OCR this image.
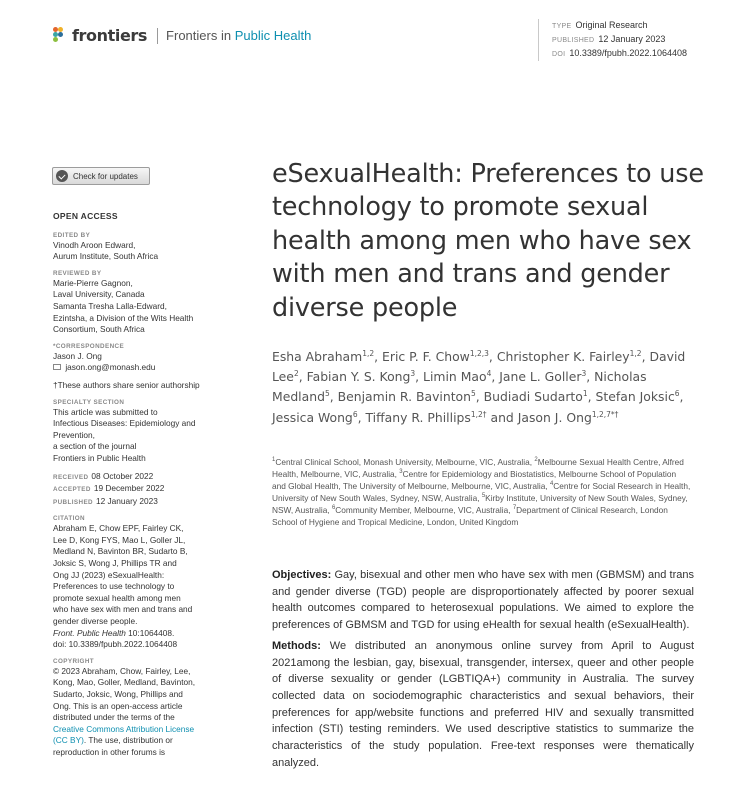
frontiers Frontiers in Public Health
TYPE Original Research
PUBLISHED 12 January 2023
DOI 10.3389/fpubh.2022.1064408
Check for updates
OPEN ACCESS
EDITED BY

Vinodh Aroon Edward,

Aurum Institute, South Africa

REVIEWED BY

Marie-Pierre Gagnon,

Laval University, Canada

Samanta Tresha Lalla-Edward,

Ezintsha, a Division of the Wits Health

Consortium, South Africa

*CORRESPONDENCE

Jason J. Ong

jason.ong@monash.edu

†These authors share senior authorship

SPECIALTY SECTION

This article was submitted to

Infectious Diseases: Epidemiology and

Prevention,

a section of the journal

Frontiers in Public Health

RECEIVED 08 October 2022

ACCEPTED 19 December 2022

PUBLISHED 12 January 2023

CITATION

Abraham E, Chow EPF, Fairley CK,

Lee D, Kong FYS, Mao L, Goller JL,

Medland N, Bavinton BR, Sudarto B,

Joksic S, Wong J, Phillips TR and

Ong JJ (2023) eSexualHealth:

Preferences to use technology to

promote sexual health among men

who have sex with men and trans and

gender diverse people.

Front. Public Health 10:1064408.

doi: 10.3389/fpubh.2022.1064408

COPYRIGHT

© 2023 Abraham, Chow, Fairley, Lee,

Kong, Mao, Goller, Medland, Bavinton,

Sudarto, Joksic, Wong, Phillips and

Ong. This is an open-access article

distributed under the terms of the

Creative Commons Attribution License

(CC BY). The use, distribution or

reproduction in other forums is

eSexualHealth: Preferences to use technology to promote sexual health among men who have sex with men and trans and gender diverse people
Esha Abraham$^{1,2}$, Eric P. F. Chow$^{1,2,3}$, Christopher K. Fairley$^{1,2}$, David Lee$^2$, Fabian Y. S. Kong$^3$, Limin Mao$^4$, Jane L. Goller$^3$, Nicholas Medland$^5$, Benjamin R. Bavinton$^5$, Budiadi Sudarto$^1$, Stefan Joksic$^6$, Jessica Wong$^6$, Tiffany R. Phillips$^{1,2\dagger}$ and Jason J. Ong$^{1,2,7*\dagger}$
$^1$Central Clinical School, Monash University, Melbourne, VIC, Australia, $^2$Melbourne Sexual Health Centre, Alfred Health, Melbourne, VIC, Australia, $^3$Centre for Epidemiology and Biostatistics, Melbourne School of Population and Global Health, The University of Melbourne, Melbourne, VIC, Australia, $^4$Centre for Social Research in Health, University of New South Wales, Sydney, NSW, Australia, $^5$Kirby Institute, University of New South Wales, Sydney, NSW, Australia, $^6$Community Member, Melbourne, VIC, Australia, $^7$Department of Clinical Research, London School of Hygiene and Tropical Medicine, London, United Kingdom

Objectives: Gay, bisexual and other men who have sex with men (GBMSM) and trans and gender diverse (TGD) people are disproportionately affected by poorer sexual health outcomes compared to heterosexual populations. We aimed to explore the preferences of GBMSM and TGD for using eHealth for sexual health (eSexualHealth).

Methods: We distributed an anonymous online survey from April to August 2021among the lesbian, gay, bisexual, transgender, intersex, queer and other people of diverse sexuality or gender (LGBTIQA+) community in Australia. The survey collected data on sociodemographic characteristics and sexual behaviors, their preferences for app/website functions and preferred HIV and sexually transmitted infection (STI) testing reminders. We used descriptive statistics to summarize the characteristics of the study population. Free-text responses were thematically analyzed.
